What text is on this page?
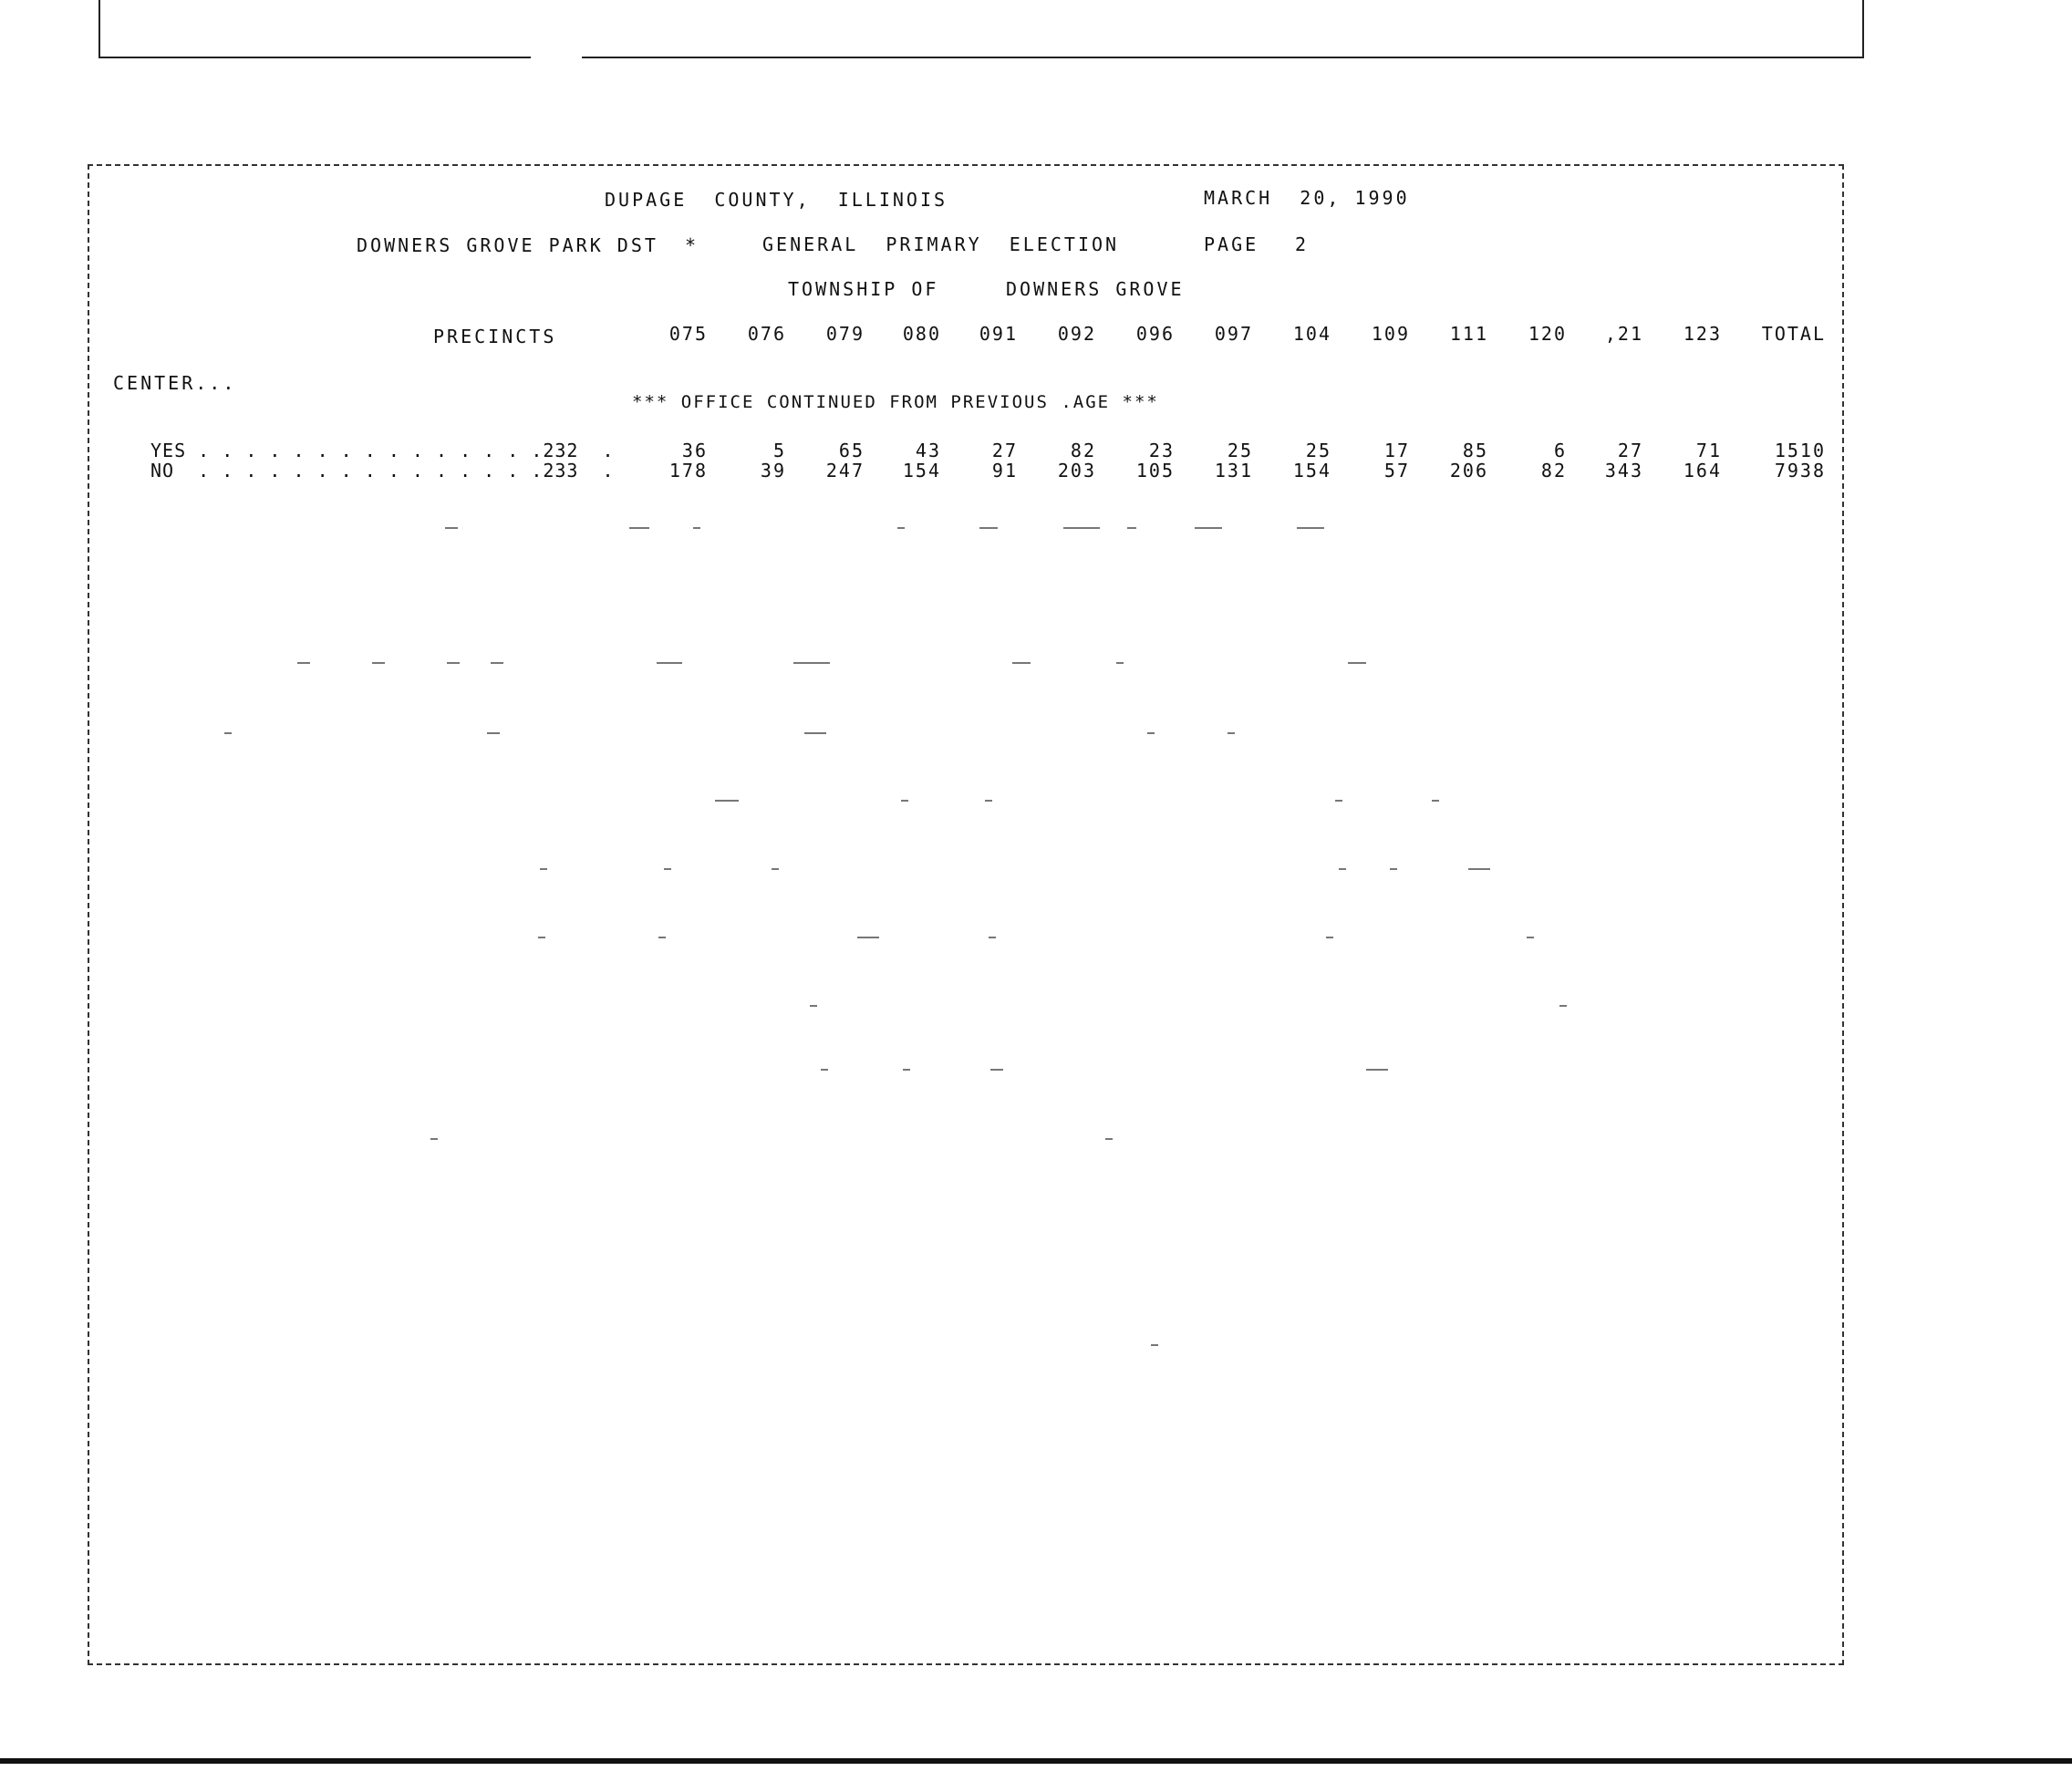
DUPAGE  COUNTY,  ILLINOIS	MARCH  20, 1990
DOWNERS GROVE PARK DST *	GENERAL  PRIMARY  ELECTION	PAGE 2
TOWNSHIP OF	DOWNERS GROVE
PRECINCTS	075 076 079 080 091 092 096 097 104 109 111 120 ,21 123 TOTAL
CENTER...
*** OFFICE CONTINUED FROM PREVIOUS .AGE ***
YES . . . . . . . . . . . . . . .232  .	36	5	65	43	27	82	23	25	25	17	85	6	27	71	1510
NO  . . . . . . . . . . . . . . .233  .	178	39 247 154	91 203 105 131 154	57 206	82 343 164	7938
